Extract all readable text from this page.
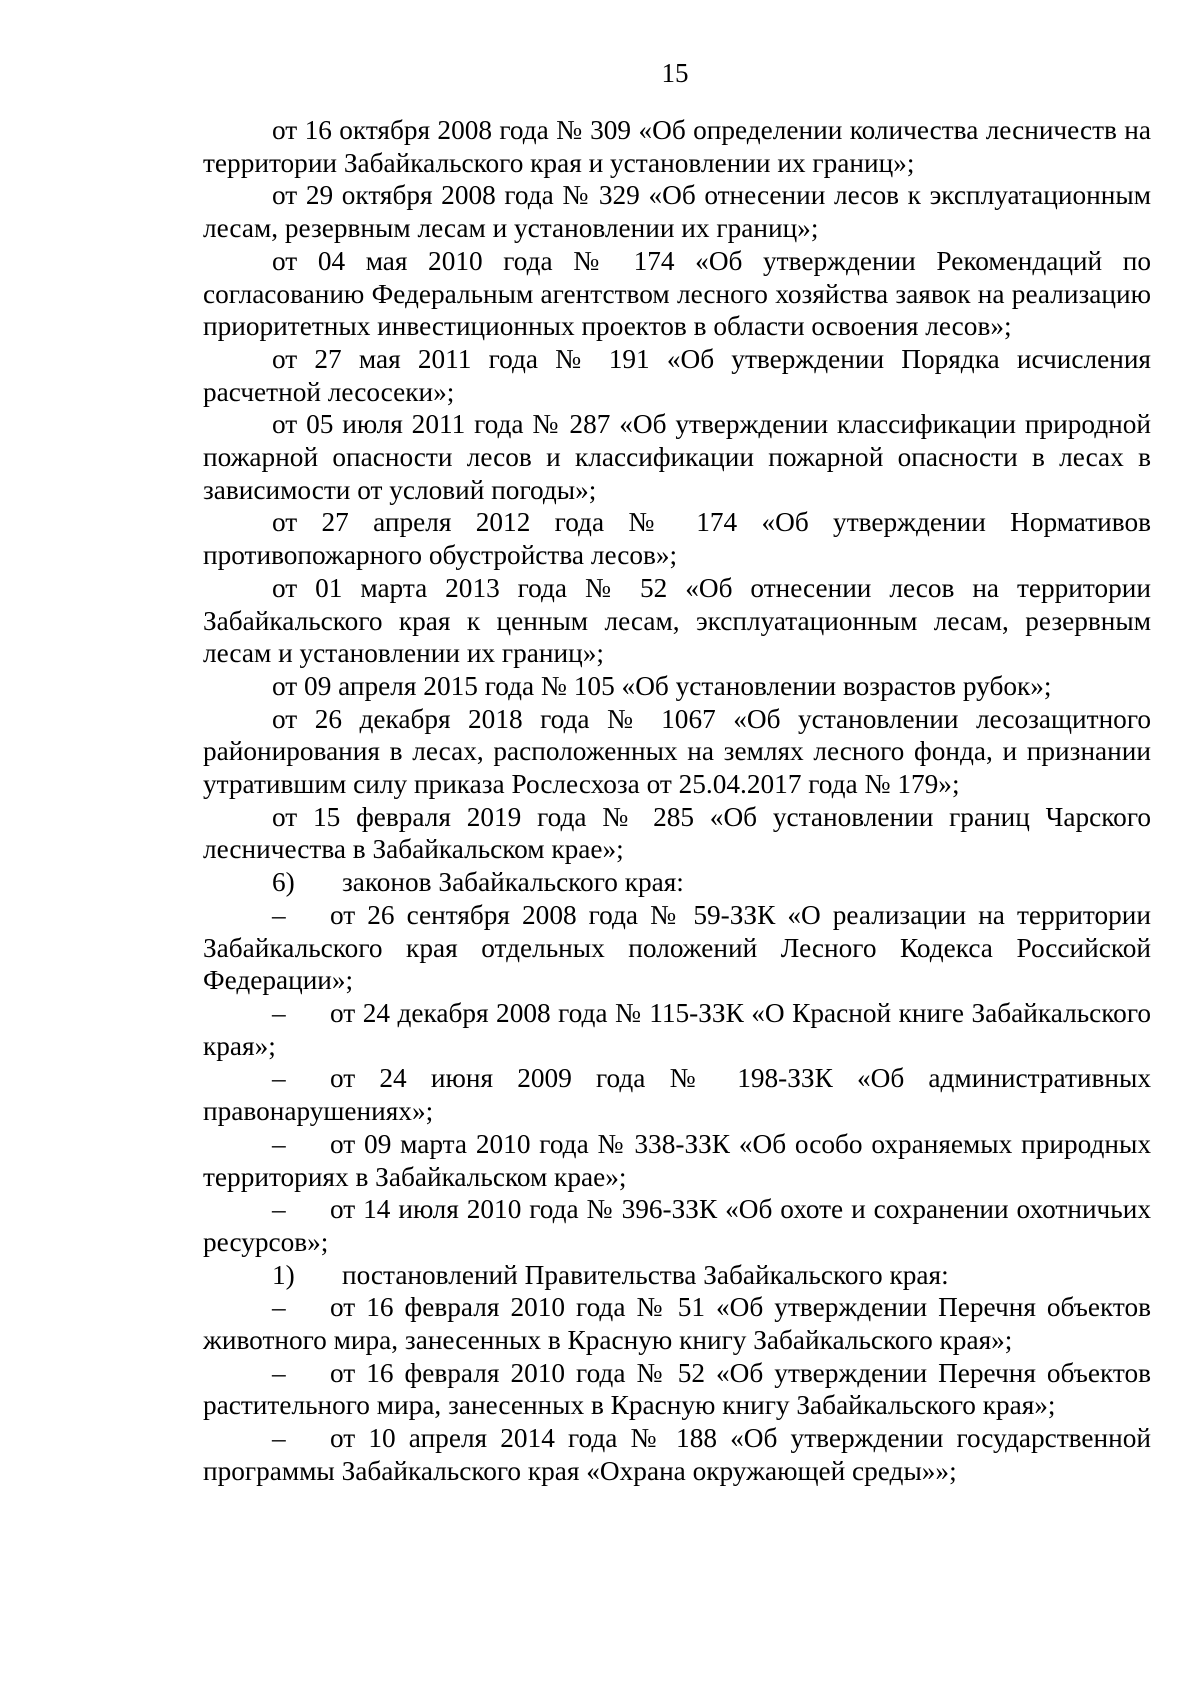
15

от 16 октября 2008 года № 309 «Об определении количества лесничеств на территории Забайкальского края и установлении их границ»;

от 29 октября 2008 года № 329 «Об отнесении лесов к эксплуатационным лесам, резервным лесам и установлении их границ»;

от 04 мая 2010 года № 174 «Об утверждении Рекомендаций по согласованию Федеральным агентством лесного хозяйства заявок на реализацию приоритетных инвестиционных проектов в области освоения лесов»;

от 27 мая 2011 года № 191 «Об утверждении Порядка исчисления расчетной лесосеки»;

от 05 июля 2011 года № 287 «Об утверждении классификации природной пожарной опасности лесов и классификации пожарной опасности в лесах в зависимости от условий погоды»;

от 27 апреля 2012 года № 174 «Об утверждении Нормативов противопожарного обустройства лесов»;

от 01 марта 2013 года № 52 «Об отнесении лесов на территории Забайкальского края к ценным лесам, эксплуатационным лесам, резервным лесам и установлении их границ»;

от 09 апреля 2015 года № 105 «Об установлении возрастов рубок»;

от 26 декабря 2018 года № 1067 «Об установлении лесозащитного районирования в лесах, расположенных на землях лесного фонда, и признании утратившим силу приказа Рослесхоза от 25.04.2017 года № 179»;

от 15 февраля 2019 года № 285 «Об установлении границ Чарского лесничества в Забайкальском крае»;

6) законов Забайкальского края:

– от 26 сентября 2008 года № 59-ЗЗК «О реализации на территории Забайкальского края отдельных положений Лесного Кодекса Российской Федерации»;

– от 24 декабря 2008 года № 115-ЗЗК «О Красной книге Забайкальского края»;

– от 24 июня 2009 года № 198-ЗЗК «Об административных правонарушениях»;

– от 09 марта 2010 года № 338-ЗЗК «Об особо охраняемых природных территориях в Забайкальском крае»;

– от 14 июля 2010 года № 396-ЗЗК «Об охоте и сохранении охотничьих ресурсов»;

1) постановлений Правительства Забайкальского края:

– от 16 февраля 2010 года № 51 «Об утверждении Перечня объектов животного мира, занесенных в Красную книгу Забайкальского края»;

– от 16 февраля 2010 года № 52 «Об утверждении Перечня объектов растительного мира, занесенных в Красную книгу Забайкальского края»;

– от 10 апреля 2014 года № 188 «Об утверждении государственной программы Забайкальского края «Охрана окружающей среды»»;
